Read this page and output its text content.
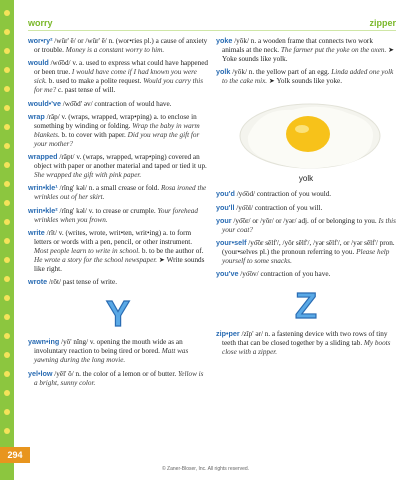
worry	zipper
wor•ry² /wûr' ē/ or /wŭr' ē/ n. (wor•ries pl.) a cause of anxiety or trouble. Money is a constant worry to him.
would /wo͝od/ v. a. used to express what could have happened or been true. I would have come if I had known you were sick. b. used to make a polite request. Would you carry this for me? c. past tense of will.
would•'ve /wo͝od' əv/ contraction of would have.
wrap /răp/ v. (wraps, wrapped, wrap•ping) a. to enclose in something by winding or folding. Wrap the baby in warm blankets. b. to cover with paper. Did you wrap the gift for your mother?
wrapped /răpt/ v. (wraps, wrapped, wrap•ping) covered an object with paper or another material and taped or tied it up. She wrapped the gift with pink paper.
wrin•kle¹ /rĭng' kəl/ n. a small crease or fold. Rosa ironed the wrinkles out of her skirt.
wrin•kle² /rĭng' kəl/ v. to crease or crumple. Your forehead wrinkles when you frown.
write /rīt/ v. (writes, wrote, writ•ten, writ•ing) a. to form letters or words with a pen, pencil, or other instrument. Most people learn to write in school. b. to be the author of. He wrote a story for the school newspaper. ➤ Write sounds like right.
wrote /rōt/ past tense of write.
Y
yawn•ing /yô' nĭng/ v. opening the mouth wide as an involuntary reaction to being tired or bored. Matt was yawning during the long movie.
yel•low /yĕl' ō/ n. the color of a lemon or of butter. Yellow is a bright, sunny color.
yoke /yōk/ n. a wooden frame that connects two work animals at the neck. The farmer put the yoke on the oxen. ➤ Yoke sounds like yolk.
yolk /yōk/ n. the yellow part of an egg. Linda added one yolk to the cake mix. ➤ Yolk sounds like yoke.
yolk
you'd /yo͞od/ contraction of you would.
you'll /yo͞ol/ contraction of you will.
your /yo͝or/ or /yôr/ or /yər/ adj. of or belonging to you. Is this your coat?
your•self /yo͝or sĕlf'/, /yôr sĕlf'/, /yər sĕlf'/, or /yər sĕlf'/ pron. (your•selves pl.) the pronoun referring to you. Please help yourself to some snacks.
you've /yo͞ov/ contraction of you have.
Z
zip•per /zĭp' ər/ n. a fastening device with two rows of tiny teeth that can be closed together by a sliding tab. My boots close with a zipper.
294
© Zaner-Bloser, Inc. All rights reserved.
